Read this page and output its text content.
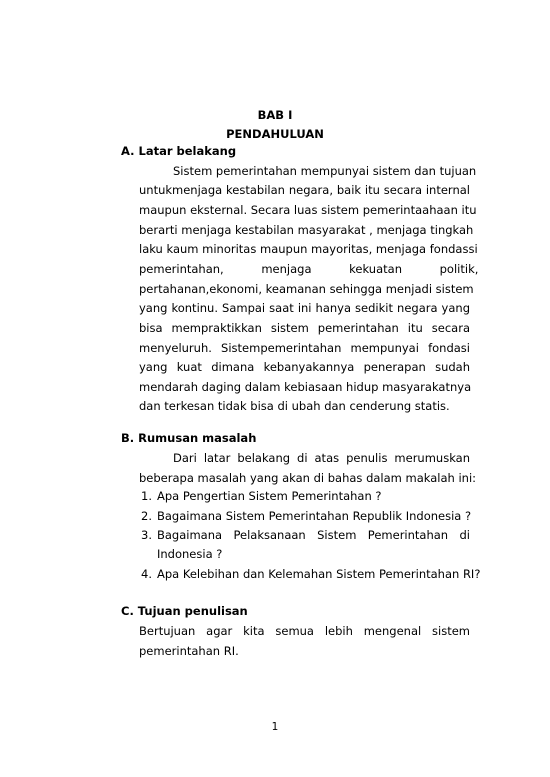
BAB I
PENDAHULUAN
A. Latar belakang
Sistem pemerintahan mempunyai sistem dan tujuan
untukmenjaga kestabilan negara, baik itu secara internal
maupun eksternal. Secara luas sistem pemerintaahaan itu
berarti menjaga kestabilan masyarakat , menjaga tingkah
laku kaum minoritas maupun mayoritas, menjaga fondassi
pemerintahan, menjaga kekuatan politik,
pertahanan,ekonomi, keamanan sehingga menjadi sistem
yang kontinu. Sampai saat ini hanya sedikit negara yang
bisa mempraktikkan sistem pemerintahan itu secara
menyeluruh. Sistempemerintahan mempunyai fondasi
yang kuat dimana kebanyakannya penerapan sudah
mendarah daging dalam kebiasaan hidup masyarakatnya
dan terkesan tidak bisa di ubah dan cenderung statis.
B. Rumusan masalah
Dari latar belakang di atas penulis merumuskan
beberapa masalah yang akan di bahas dalam makalah ini:
1. Apa Pengertian Sistem Pemerintahan ?
2. Bagaimana Sistem Pemerintahan Republik Indonesia ?
3. Bagaimana Pelaksanaan Sistem Pemerintahan di
Indonesia ?
4. Apa Kelebihan dan Kelemahan Sistem Pemerintahan RI?
C. Tujuan penulisan
Bertujuan agar kita semua lebih mengenal sistem
pemerintahan RI.
1
